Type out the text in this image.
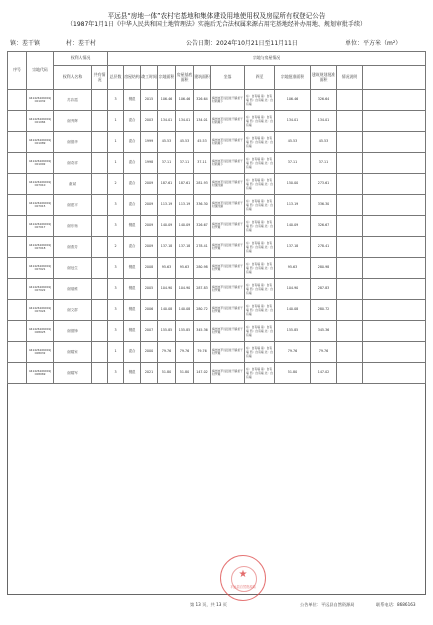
平远县“房地一体”农村宅基地和集体建设用地使用权及房屋所有权登记公告
（1987年1月1日《中华人民共和国土地管理法》实施后无合法权属来源占用宅基地经补办用地、规划审批手续）
镇：差干镇	村：差干村	公告日期：2024年10月21日至11月11日	单位：平方米（m²）
序号	宗地代码	权利人情况		宗地与房屋情况											
		权利人名称	共有情况	总层数	房屋结构	竣工时间	宗地面积	房屋基底面积	建筑面积	坐落	四至	宗地批准面积	建筑规划批准面积	情况说明	
	441426106001JC01032	苏彩霞		3	钢混	2015	106.46	106.46	326.64	梅州市平远县差干镇差干村新屋下	东：自有墙 南：自有墙 西：自有墙 北：自有墙	106.46	326.64		
	441426106001JC01084	谢秀辉		1	混合	2003	134.01	134.01	134.01	梅州市平远县差干镇差干村新屋下	东：自有墙 南：自有墙 西：自有墙 北：自有墙	134.01	134.01		
	441426106001JC01089	谢德华		1	混合	1999	45.53	45.53	45.53	梅州市平远县差干镇差干村新屋下	东：自有墙 南：自有墙 西：自有墙 北：自有墙	45.53	45.53		
	441426106001JC01092	谢奇祥		1	混合	1998	37.11	37.11	37.11	梅州市平远县差干镇差干村新屋下	东：自有墙 南：自有墙 西：自有墙 北：自有墙	37.11	37.11		
	441426106001JC07010	谢斌		2	混合	2009	187.61	187.61	281.93	梅州市平远县差干镇差干村围龙屋	东：自有墙 南：自有墙 西：自有墙 北：自有墙	150.00	273.61		
	441426106001JC07015	谢建平		3	混合	2009	113.19	113.19	336.30	梅州市平远县差干镇差干村围龙屋	东：自有墙 南：自有墙 西：自有墙 北：自有墙	113.19	336.30		
	441426106001JC07017	谢东杨		3	钢混	2009	140.09	140.09	326.67	梅州市平远县差干镇差干村罗屋	东：自有墙 南：自有墙 西：自有墙 北：自有墙	140.09	326.67		
	441426106001JC07018	谢燕芳		2	混合	2009	137.18	137.18	278.41	梅州市平远县差干镇差干村罗屋	东：自有墙 南：自有墙 西：自有墙 北：自有墙	137.18	278.41		
	441426106001JC07021	谢冠生		3	钢混	2008	95.63	95.63	280.98	梅州市平远县差干镇差干村罗屋	东：自有墙 南：自有墙 西：自有墙 北：自有墙	95.63	280.98		
	441426106001JC07022	谢瑞维		3	钢混	2005	104.90	104.90	287.83	梅州市平远县差干镇差干村罗屋	东：自有墙 南：自有墙 西：自有墙 北：自有墙	104.90	287.83		
	441426106001JC07024	谢文群		3	钢混	2006	140.08	140.08	280.72	梅州市平远县差干镇差干村罗屋	东：自有墙 南：自有墙 西：自有墙 北：自有墙	140.08	280.72		
	441426106001JC08025	谢德锋		3	钢混	2007	155.85	155.85	345.36	梅州市平远县差干镇差干村罗屋	东：自有墙 南：自有墙 西：自有墙 北：自有墙	155.85	345.36		
	441426106001JC08032	谢耀家		1	混合	2000	79.76	79.76	79.76	梅州市平远县差干镇差干村罗屋	东：自有墙 南：自有墙 西：自有墙 北：自有墙	79.76	79.76		
	441426106001JC08069	谢耀军		3	钢混	2021	51.80	51.80	147.02	梅州市平远县差干镇差干村罗屋	东：自有墙 南：自有墙 西：自有墙 北：自有墙	51.80	147.02		
★
平远县自然资源局
第 13 页，共 13 页	公告单位：平远县自然资源局	联系电话：8686163
